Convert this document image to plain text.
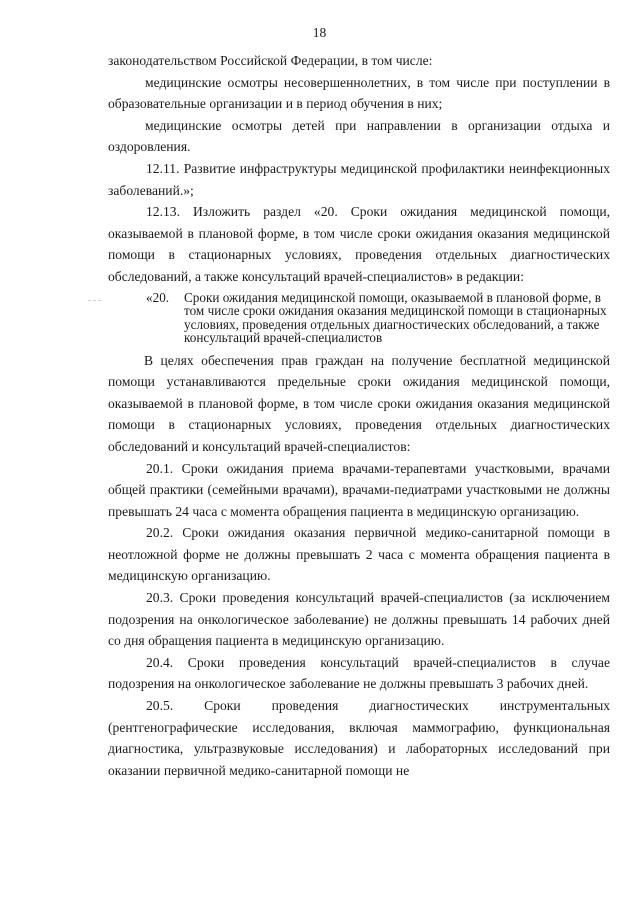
18

законодательством Российской Федерации, в том числе:

медицинские осмотры несовершеннолетних, в том числе при поступлении в образовательные организации и в период обучения в них;

медицинские осмотры детей при направлении в организации отдыха и оздоровления.

12.11. Развитие инфраструктуры медицинской профилактики неинфекционных заболеваний.»;

12.13. Изложить раздел «20. Сроки ожидания медицинской помощи, оказываемой в плановой форме, в том числе сроки ожидания оказания медицинской помощи в стационарных условиях, проведения отдельных диагностических обследований, а также консультаций врачей-специалистов» в редакции:

«20.	Сроки ожидания медицинской помощи, оказываемой в плановой форме, в том числе сроки ожидания оказания медицинской помощи в стационарных условиях, проведения отдельных диагностических обследований, а также консультаций врачей-специалистов

В целях обеспечения прав граждан на получение бесплатной медицинской помощи устанавливаются предельные сроки ожидания медицинской помощи, оказываемой в плановой форме, в том числе сроки ожидания оказания медицинской помощи в стационарных условиях, проведения отдельных диагностических обследований и консультаций врачей-специалистов:

20.1. Сроки ожидания приема врачами-терапевтами участковыми, врачами общей практики (семейными врачами), врачами-педиатрами участковыми не должны превышать 24 часа с момента обращения пациента в медицинскую организацию.

20.2. Сроки ожидания оказания первичной медико-санитарной помощи в неотложной форме не должны превышать 2 часа с момента обращения пациента в медицинскую организацию.

20.3. Сроки проведения консультаций врачей-специалистов (за исключением подозрения на онкологическое заболевание) не должны превышать 14 рабочих дней со дня обращения пациента в медицинскую организацию.

20.4. Сроки проведения консультаций врачей-специалистов в случае подозрения на онкологическое заболевание не должны превышать 3 рабочих дней.

20.5. Сроки проведения диагностических инструментальных (рентгенографические исследования, включая маммографию, функциональная диагностика, ультразвуковые исследования) и лабораторных исследований при оказании первичной медико-санитарной помощи не
